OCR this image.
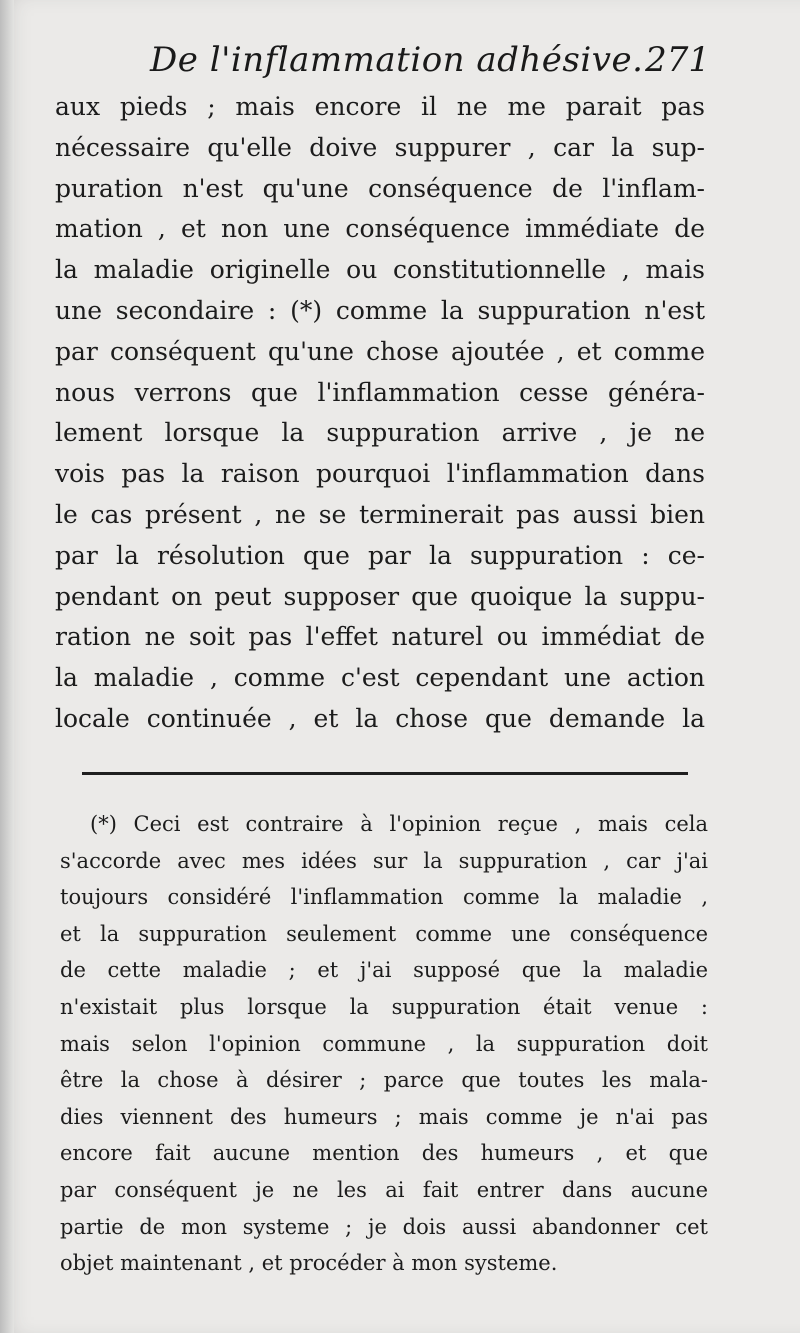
De l'inflammation adhésive. 271
aux pieds ; mais encore il ne me parait pas
nécessaire qu'elle doive suppurer , car la sup-
puration n'est qu'une conséquence de l'inflam-
mation , et non une conséquence immédiate de
la maladie originelle ou constitutionnelle , mais
une secondaire : (*) comme la suppuration n'est
par conséquent qu'une chose ajoutée , et comme
nous verrons que l'inflammation cesse généra-
lement lorsque la suppuration arrive , je ne
vois pas la raison pourquoi l'inflammation dans
le cas présent , ne se terminerait pas aussi bien
par la résolution que par la suppuration : ce-
pendant on peut supposer que quoique la suppu-
ration ne soit pas l'effet naturel ou immédiat de
la maladie , comme c'est cependant une action
locale continuée , et la chose que demande la
(*) Ceci est contraire à l'opinion reçue , mais cela
s'accorde avec mes idées sur la suppuration , car j'ai
toujours considéré l'inflammation comme la maladie ,
et la suppuration seulement comme une conséquence
de cette maladie ; et j'ai supposé que la maladie
n'existait plus lorsque la suppuration était venue :
mais selon l'opinion commune , la suppuration doit
être la chose à désirer ; parce que toutes les mala-
dies viennent des humeurs ; mais comme je n'ai pas
encore fait aucune mention des humeurs , et que
par conséquent je ne les ai fait entrer dans aucune
partie de mon systeme ; je dois aussi abandonner cet
objet maintenant , et procéder à mon systeme.
